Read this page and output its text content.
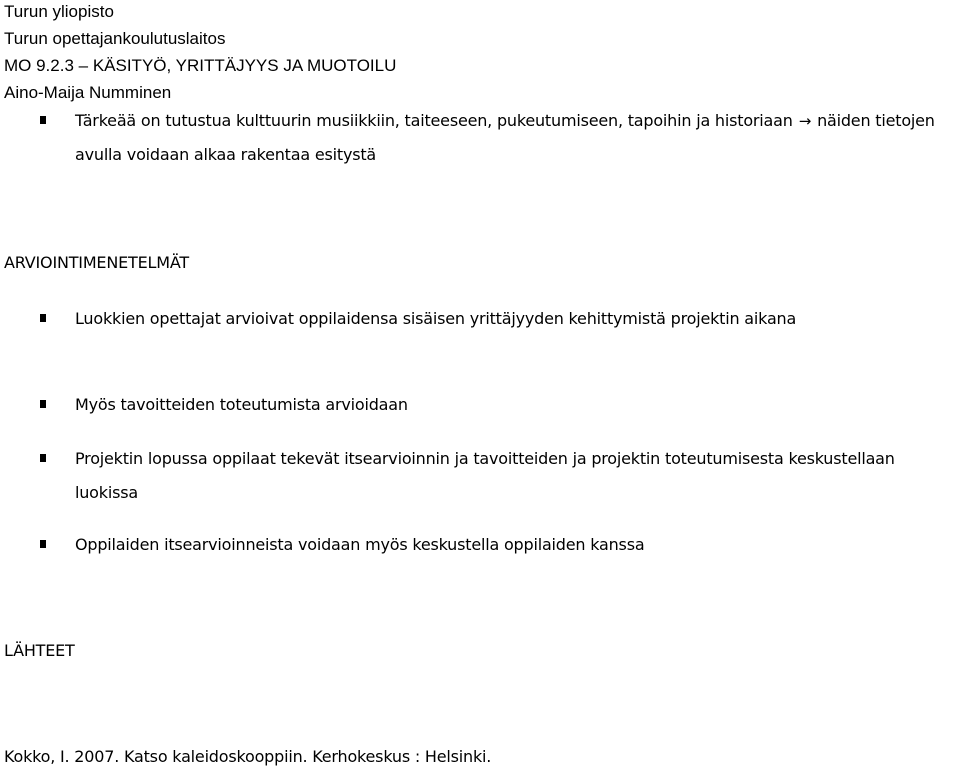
Turun yliopisto
Turun opettajankoulutuslaitos
MO 9.2.3 – KÄSITYÖ, YRITTÄJYYS JA MUOTOILU
Aino-Maija Numminen
Tärkeää on tutustua kulttuurin musiikkiin, taiteeseen, pukeutumiseen, tapoihin ja historiaan → näiden tietojen avulla voidaan alkaa rakentaa esitystä
ARVIOINTIMENETELMÄT
Luokkien opettajat arvioivat oppilaidensa sisäisen yrittäjyyden kehittymistä projektin aikana
Myös tavoitteiden toteutumista arvioidaan
Projektin lopussa oppilaat tekevät itsearvioinnin ja tavoitteiden ja projektin toteutumisesta keskustellaan luokissa
Oppilaiden itsearvioinneista voidaan myös keskustella oppilaiden kanssa
LÄHTEET
Kokko, I. 2007. Katso kaleidoskooppiin. Kerhokeskus : Helsinki.
